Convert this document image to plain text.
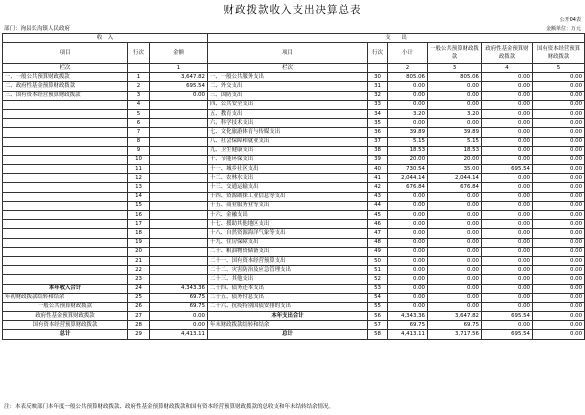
财政拨款收入支出决算总表
公开04表
部门：洵县长沟镇人民政府	金额单位：万元
收　入			支　　出					
项目	行次	金额	项目	行次	小计	一般公共预算财政拨款	政府性基金预算财政拨款	国有资本经营预算财政拨款
栏次		1	栏次		2	3	4	5
一、一般公共预算财政拨款	1	3,647.82	一、一般公共服务支出	30	805.06	805.06	0.00	0.00
二、政府性基金预算财政拨款	2	695.54	二、外交支出	31	0.00	0.00	0.00	0.00
三、国有资本经营预算财政拨款	3	0.00	三、国防支出	32	0.00	0.00	0.00	0.00
	4		四、公共安全支出	33	0.00	0.00	0.00	0.00
	5		五、教育支出	34	3.20	3.20	0.00	0.00
	6		六、科学技术支出	35	0.00	0.00	0.00	0.00
	7		七、文化旅游体育与传媒支出	36	39.89	39.89	0.00	0.00
	8		八、社会保障和就业支出	37	5.15	5.15	0.00	0.00
	9		九、卫生健康支出	38	18.53	18.53	0.00	0.00
	10		十、节能环保支出	39	20.00	20.00	0.00	0.00
	11		十一、城乡社区支出	40	730.54	35.00	695.54	0.00
	12		十二、农林水支出	41	2,044.14	2,044.14	0.00	0.00
	13		十三、交通运输支出	42	676.84	676.84	0.00	0.00
	14		十四、资源勘探工业信息等支出	43	0.00	0.00	0.00	0.00
	15		十五、商业服务业等支出	44	0.00	0.00	0.00	0.00
	16		十六、金融支出	45	0.00	0.00	0.00	0.00
	17		十七、援助其他地区支出	46	0.00	0.00	0.00	0.00
	18		十八、自然资源海洋气象等支出	47	0.00	0.00	0.00	0.00
	19		十九、住房保障支出	48	0.00	0.00	0.00	0.00
	20		二十、粮油物资储备支出	49	0.00	0.00	0.00	0.00
	21		二十一、国有资本经营预算支出	50	0.00	0.00	0.00	0.00
	22		二十二、灾害防治及应急管理支出	51	0.00	0.00	0.00	0.00
	23		二十三、其他支出	52	0.00	0.00	0.00	0.00
本年收入合计	24	4,343.36	二十四、债务还本支出	53	0.00	0.00	0.00	0.00
年初财政拨款结转和结余	25	69.75	二十五、债务付息支出	54	0.00	0.00	0.00	0.00
一般公共预算财政拨款	26	69.75	二十六、抗疫特别国债安排的支出	55	0.00	0.00	0.00	0.00
政府性基金预算财政拨款	27	0.00	本年支出合计	56	4,343.36	3,647.82	695.54	0.00
国有资本经营预算财政拨款	28	0.00	年末财政拨款结转和结余	57	69.75	69.75	0.00	0.00
总计	29	4,413.11	总计	58	4,413.11	3,717.56	695.54	0.00
注：本表反映部门本年度一般公共预算财政拨款、政府性基金预算财政拨款和国有资本经营预算财政拨款的总收支和年末结转结余情况。
